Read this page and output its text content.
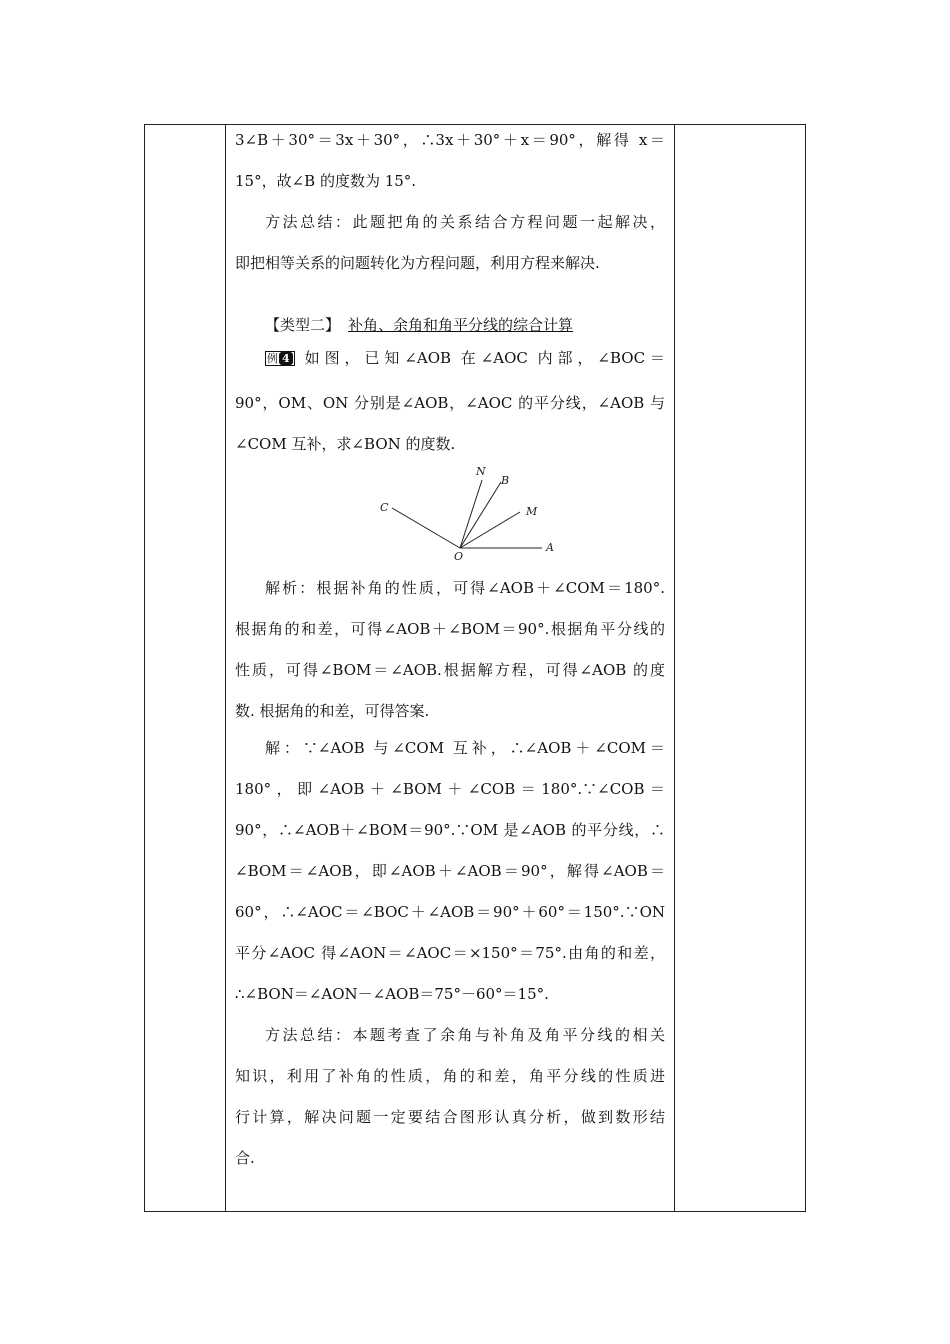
3∠B＋30°＝3x＋30°，∴3x＋30°＋x＝90°，解得 x＝
15°，故∠B 的度数为 15°.
方法总结：此题把角的关系结合方程问题一起解决，
即把相等关系的问题转化为方程问题，利用方程来解决.
【类型二】 补角、余角和角平分线的综合计算
例 4	如图，已知∠AOB 在∠AOC 内部，∠BOC＝
90°，OM、ON 分别是∠AOB，∠AOC 的平分线，∠AOB 与
∠COM 互补，求∠BON 的度数.
解析：根据补角的性质，可得∠AOB＋∠COM＝180°.
根据角的和差，可得∠AOB＋∠BOM＝90°.根据角平分线的
性质，可得∠BOM＝∠AOB.根据解方程，可得∠AOB 的度
数. 根据角的和差，可得答案.
解：∵∠AOB 与∠COM 互补，∴∠AOB＋∠COM＝
180°，即∠AOB＋∠BOM＋∠COB＝180°.∵∠COB＝
90°，∴∠AOB＋∠BOM＝90°.∵OM 是∠AOB 的平分线，∴
∠BOM＝∠AOB，即∠AOB＋∠AOB＝90°，解得∠AOB＝
60°，∴∠AOC＝∠BOC＋∠AOB＝90°＋60°＝150°.∵ON
平分∠AOC 得∠AON＝∠AOC＝×150°＝75°.由角的和差，
∴∠BON＝∠AON－∠AOB＝75°－60°＝15°.
方法总结：本题考查了余角与补角及角平分线的相关
知识，利用了补角的性质，角的和差，角平分线的性质进
行计算，解决问题一定要结合图形认真分析，做到数形结
合.
N
B
C	M
O
A
